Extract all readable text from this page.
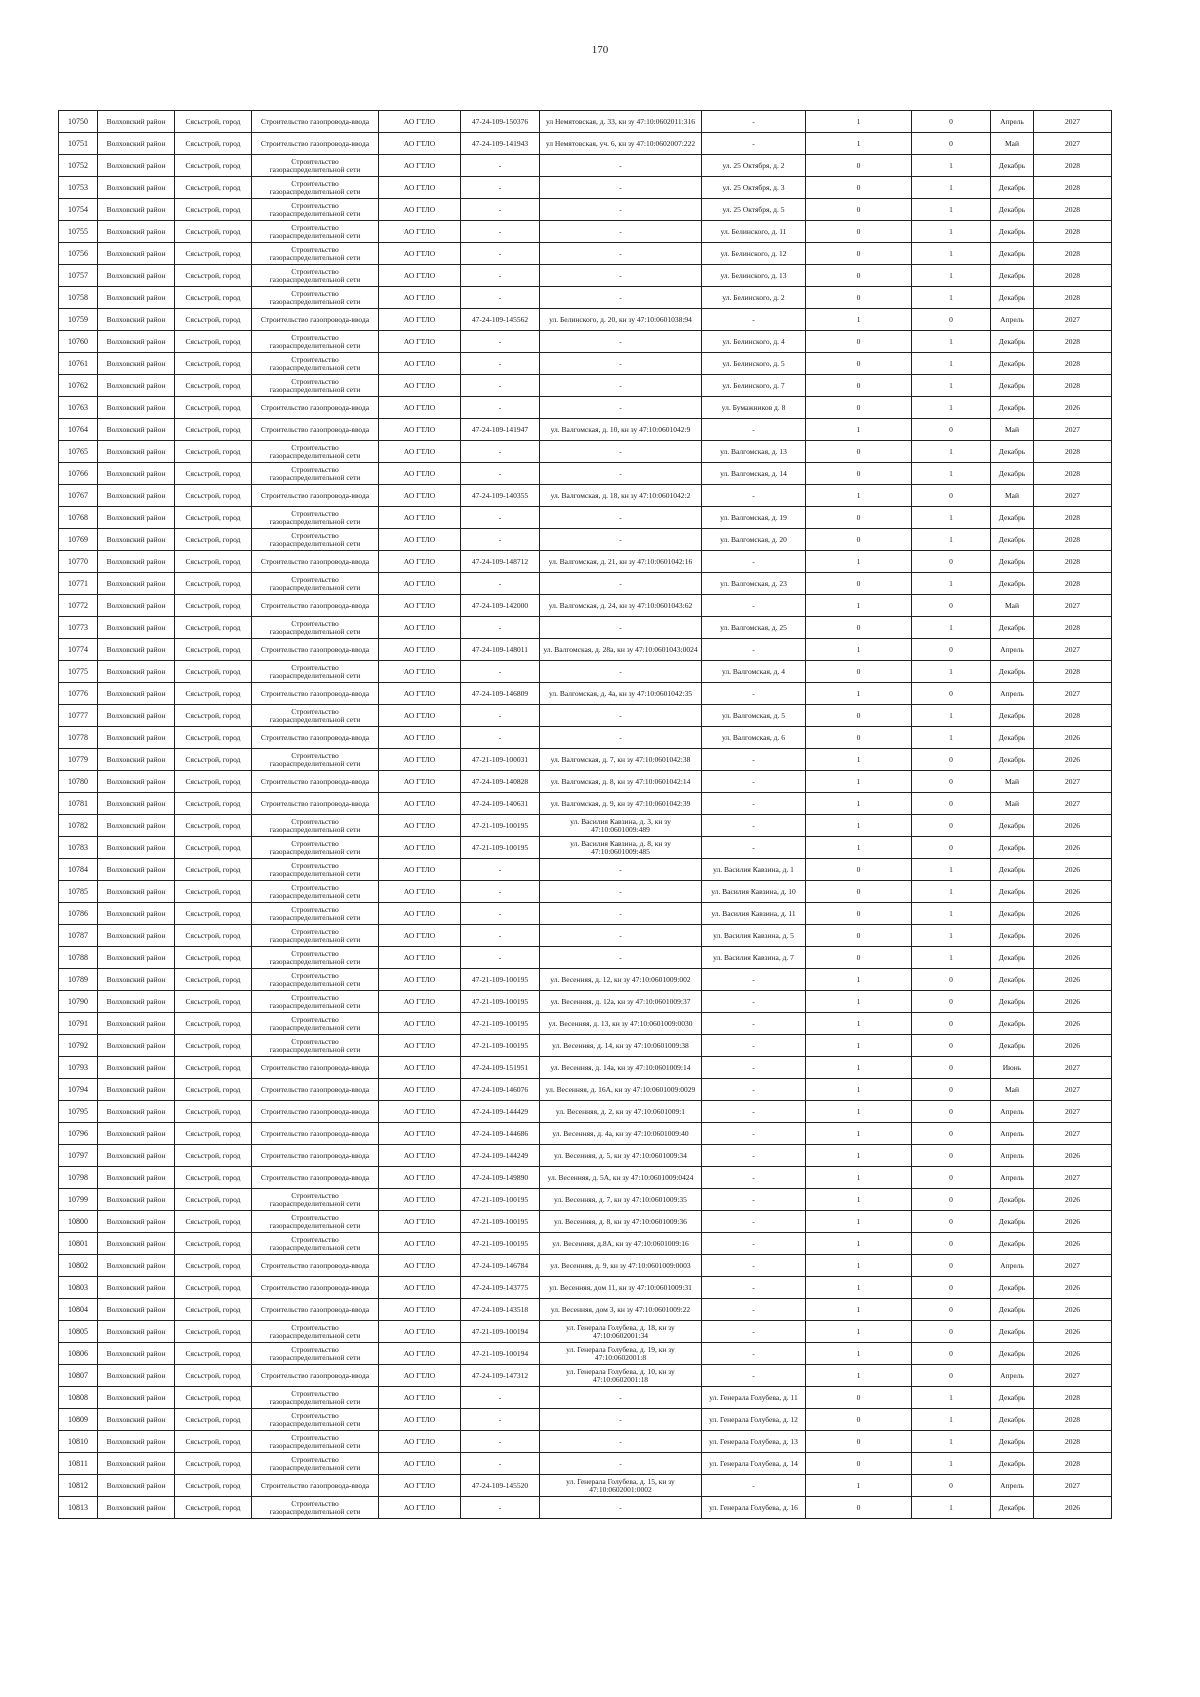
170
10750	Волховский район	Сясьстрой, город	Строительство газопровода-ввода	АО ГТЛО	47-24-109-150376	ул Немятовская, д. 33, кн зу 47:10:0602011:316	-	1	0	Апрель	2027
10751	Волховский район	Сясьстрой, город	Строительство газопровода-ввода	АО ГТЛО	47-24-109-141943	ул Немятовская, уч. 6, кн зу 47:10:0602007:222	-	1	0	Май	2027
10752	Волховский район	Сясьстрой, город	Строительство газораспределительной сети	АО ГТЛО	-	-	ул. 25 Октября, д. 2	0	1	Декабрь	2028
10753	Волховский район	Сясьстрой, город	Строительство газораспределительной сети	АО ГТЛО	-	-	ул. 25 Октября, д. 3	0	1	Декабрь	2028
10754	Волховский район	Сясьстрой, город	Строительство газораспределительной сети	АО ГТЛО	-	-	ул. 25 Октября, д. 5	0	1	Декабрь	2028
10755	Волховский район	Сясьстрой, город	Строительство газораспределительной сети	АО ГТЛО	-	-	ул. Белинского, д. 11	0	1	Декабрь	2028
10756	Волховский район	Сясьстрой, город	Строительство газораспределительной сети	АО ГТЛО	-	-	ул. Белинского, д. 12	0	1	Декабрь	2028
10757	Волховский район	Сясьстрой, город	Строительство газораспределительной сети	АО ГТЛО	-	-	ул. Белинского, д. 13	0	1	Декабрь	2028
10758	Волховский район	Сясьстрой, город	Строительство газораспределительной сети	АО ГТЛО	-	-	ул. Белинского, д. 2	0	1	Декабрь	2028
10759	Волховский район	Сясьстрой, город	Строительство газопровода-ввода	АО ГТЛО	47-24-109-145562	ул. Белинского, д. 20, кн зу 47:10:0601038:94	-	1	0	Апрель	2027
10760	Волховский район	Сясьстрой, город	Строительство газораспределительной сети	АО ГТЛО	-	-	ул. Белинского, д. 4	0	1	Декабрь	2028
10761	Волховский район	Сясьстрой, город	Строительство газораспределительной сети	АО ГТЛО	-	-	ул. Белинского, д. 5	0	1	Декабрь	2028
10762	Волховский район	Сясьстрой, город	Строительство газораспределительной сети	АО ГТЛО	-	-	ул. Белинского, д. 7	0	1	Декабрь	2028
10763	Волховский район	Сясьстрой, город	Строительство газопровода-ввода	АО ГТЛО	-	-	ул. Бумажников д. 8	0	1	Декабрь	2026
10764	Волховский район	Сясьстрой, город	Строительство газопровода-ввода	АО ГТЛО	47-24-109-141947	ул. Валгомская, д. 10, кн зу 47:10:0601042:9	-	1	0	Май	2027
10765	Волховский район	Сясьстрой, город	Строительство газораспределительной сети	АО ГТЛО	-	-	ул. Валгомская, д. 13	0	1	Декабрь	2028
10766	Волховский район	Сясьстрой, город	Строительство газораспределительной сети	АО ГТЛО	-	-	ул. Валгомская, д. 14	0	1	Декабрь	2028
10767	Волховский район	Сясьстрой, город	Строительство газопровода-ввода	АО ГТЛО	47-24-109-140355	ул. Валгомская, д. 18, кн зу 47:10:0601042:2	-	1	0	Май	2027
10768	Волховский район	Сясьстрой, город	Строительство газораспределительной сети	АО ГТЛО	-	-	ул. Валгомская, д. 19	0	1	Декабрь	2028
10769	Волховский район	Сясьстрой, город	Строительство газораспределительной сети	АО ГТЛО	-	-	ул. Валгомская, д. 20	0	1	Декабрь	2028
10770	Волховский район	Сясьстрой, город	Строительство газопровода-ввода	АО ГТЛО	47-24-109-148712	ул. Валгомская, д. 21, кн зу 47:10:0601042:16	-	1	0	Декабрь	2028
10771	Волховский район	Сясьстрой, город	Строительство газораспределительной сети	АО ГТЛО	-	-	ул. Валгомская, д. 23	0	1	Декабрь	2028
10772	Волховский район	Сясьстрой, город	Строительство газопровода-ввода	АО ГТЛО	47-24-109-142000	ул. Валгомская, д. 24, кн зу 47:10:0601043:62	-	1	0	Май	2027
10773	Волховский район	Сясьстрой, город	Строительство газораспределительной сети	АО ГТЛО	-	-	ул. Валгомская, д. 25	0	1	Декабрь	2028
10774	Волховский район	Сясьстрой, город	Строительство газопровода-ввода	АО ГТЛО	47-24-109-148011	ул. Валгомская, д. 28а, кн зу 47:10:0601043:0024	-	1	0	Апрель	2027
10775	Волховский район	Сясьстрой, город	Строительство газораспределительной сети	АО ГТЛО	-	-	ул. Валгомская, д. 4	0	1	Декабрь	2028
10776	Волховский район	Сясьстрой, город	Строительство газопровода-ввода	АО ГТЛО	47-24-109-146809	ул. Валгомская, д. 4а, кн зу 47:10:0601042:35	-	1	0	Апрель	2027
10777	Волховский район	Сясьстрой, город	Строительство газораспределительной сети	АО ГТЛО	-	-	ул. Валгомская, д. 5	0	1	Декабрь	2028
10778	Волховский район	Сясьстрой, город	Строительство газопровода-ввода	АО ГТЛО	-	-	ул. Валгомская, д. 6	0	1	Декабрь	2026
10779	Волховский район	Сясьстрой, город	Строительство газораспределительной сети	АО ГТЛО	47-21-109-100031	ул. Валгомская, д. 7, кн зу 47:10:0601042:38	-	1	0	Декабрь	2026
10780	Волховский район	Сясьстрой, город	Строительство газопровода-ввода	АО ГТЛО	47-24-109-140828	ул. Валгомская, д. 8, кн зу 47:10:0601042:14	-	1	0	Май	2027
10781	Волховский район	Сясьстрой, город	Строительство газопровода-ввода	АО ГТЛО	47-24-109-140631	ул. Валгомская, д. 9, кн зу 47:10:0601042:39	-	1	0	Май	2027
10782	Волховский район	Сясьстрой, город	Строительство газораспределительной сети	АО ГТЛО	47-21-109-100195	ул. Василия Кавзина, д. 3, кн зу 47:10:0601009:489	-	1	0	Декабрь	2026
10783	Волховский район	Сясьстрой, город	Строительство газораспределительной сети	АО ГТЛО	47-21-109-100195	ул. Василия Кавзина, д. 8, кн зу 47:10:0601009:485	-	1	0	Декабрь	2026
10784	Волховский район	Сясьстрой, город	Строительство газораспределительной сети	АО ГТЛО	-	-	ул. Василия Кавзина, д. 1	0	1	Декабрь	2026
10785	Волховский район	Сясьстрой, город	Строительство газораспределительной сети	АО ГТЛО	-	-	ул. Василия Кавзина, д. 10	0	1	Декабрь	2026
10786	Волховский район	Сясьстрой, город	Строительство газораспределительной сети	АО ГТЛО	-	-	ул. Василия Кавзина, д. 11	0	1	Декабрь	2026
10787	Волховский район	Сясьстрой, город	Строительство газораспределительной сети	АО ГТЛО	-	-	ул. Василия Кавзина, д. 5	0	1	Декабрь	2026
10788	Волховский район	Сясьстрой, город	Строительство газораспределительной сети	АО ГТЛО	-	-	ул. Василия Кавзина, д. 7	0	1	Декабрь	2026
10789	Волховский район	Сясьстрой, город	Строительство газораспределительной сети	АО ГТЛО	47-21-109-100195	ул. Весенняя, д. 12, кн зу 47:10:0601009:002	-	1	0	Декабрь	2026
10790	Волховский район	Сясьстрой, город	Строительство газораспределительной сети	АО ГТЛО	47-21-109-100195	ул. Весенняя, д. 12а, кн зу 47:10:0601009:37	-	1	0	Декабрь	2026
10791	Волховский район	Сясьстрой, город	Строительство газораспределительной сети	АО ГТЛО	47-21-109-100195	ул. Весенняя, д. 13, кн зу 47:10:0601009:0030	-	1	0	Декабрь	2026
10792	Волховский район	Сясьстрой, город	Строительство газораспределительной сети	АО ГТЛО	47-21-109-100195	ул. Весенняя, д. 14, кн зу 47:10:0601009:38	-	1	0	Декабрь	2026
10793	Волховский район	Сясьстрой, город	Строительство газопровода-ввода	АО ГТЛО	47-24-109-151951	ул. Весенняя, д. 14а, кн зу 47:10:0601009:14	-	1	0	Июнь	2027
10794	Волховский район	Сясьстрой, город	Строительство газопровода-ввода	АО ГТЛО	47-24-109-146076	ул. Весенняя, д. 16А, кн зу 47:10:0601009:0029	-	1	0	Май	2027
10795	Волховский район	Сясьстрой, город	Строительство газопровода-ввода	АО ГТЛО	47-24-109-144429	ул. Весенняя, д. 2, кн зу 47:10:0601009:1	-	1	0	Апрель	2027
10796	Волховский район	Сясьстрой, город	Строительство газопровода-ввода	АО ГТЛО	47-24-109-144686	ул. Весенняя, д. 4а, кн зу 47:10:0601009:40	-	1	0	Апрель	2027
10797	Волховский район	Сясьстрой, город	Строительство газопровода-ввода	АО ГТЛО	47-24-109-144249	ул. Весенняя, д. 5, кн зу 47:10:0601009:34	-	1	0	Апрель	2026
10798	Волховский район	Сясьстрой, город	Строительство газопровода-ввода	АО ГТЛО	47-24-109-149890	ул. Весенняя, д. 5А, кн зу 47:10:0601009:0424	-	1	0	Апрель	2027
10799	Волховский район	Сясьстрой, город	Строительство газораспределительной сети	АО ГТЛО	47-21-109-100195	ул. Весенняя, д. 7, кн зу 47:10:0601009:35	-	1	0	Декабрь	2026
10800	Волховский район	Сясьстрой, город	Строительство газораспределительной сети	АО ГТЛО	47-21-109-100195	ул. Весенняя, д. 8, кн зу 47:10:0601009:36	-	1	0	Декабрь	2026
10801	Волховский район	Сясьстрой, город	Строительство газораспределительной сети	АО ГТЛО	47-21-109-100195	ул. Весенняя, д.8А, кн зу 47:10:0601009:16	-	1	0	Декабрь	2026
10802	Волховский район	Сясьстрой, город	Строительство газопровода-ввода	АО ГТЛО	47-24-109-146784	ул. Весенняя, д. 9, кн зу 47:10:0601009:0003	-	1	0	Апрель	2027
10803	Волховский район	Сясьстрой, город	Строительство газопровода-ввода	АО ГТЛО	47-24-109-143775	ул. Весенняя, дом 11, кн зу 47:10:0601009:31	-	1	0	Декабрь	2026
10804	Волховский район	Сясьстрой, город	Строительство газопровода-ввода	АО ГТЛО	47-24-109-143518	ул. Весенняя, дом 3, кн зу 47:10:0601009:22	-	1	0	Декабрь	2026
10805	Волховский район	Сясьстрой, город	Строительство газораспределительной сети	АО ГТЛО	47-21-109-100194	ул. Генерала Голубева, д. 18, кн зу 47:10:0602001:34	-	1	0	Декабрь	2026
10806	Волховский район	Сясьстрой, город	Строительство газораспределительной сети	АО ГТЛО	47-21-109-100194	ул. Генерала Голубева, д. 19, кн зу 47:10:0602001:8	-	1	0	Декабрь	2026
10807	Волховский район	Сясьстрой, город	Строительство газопровода-ввода	АО ГТЛО	47-24-109-147312	ул. Генерала Голубева, д. 10, кн зу 47:10:0602001:18	-	1	0	Апрель	2027
10808	Волховский район	Сясьстрой, город	Строительство газораспределительной сети	АО ГТЛО	-	-	ул. Генерала Голубева, д. 11	0	1	Декабрь	2028
10809	Волховский район	Сясьстрой, город	Строительство газораспределительной сети	АО ГТЛО	-	-	ул. Генерала Голубева, д. 12	0	1	Декабрь	2028
10810	Волховский район	Сясьстрой, город	Строительство газораспределительной сети	АО ГТЛО	-	-	ул. Генерала Голубева, д. 13	0	1	Декабрь	2028
10811	Волховский район	Сясьстрой, город	Строительство газораспределительной сети	АО ГТЛО	-	-	ул. Генерала Голубева, д. 14	0	1	Декабрь	2028
10812	Волховский район	Сясьстрой, город	Строительство газопровода-ввода	АО ГТЛО	47-24-109-145520	ул. Генерала Голубева, д. 15, кн зу 47:10:0602001:0002	-	1	0	Апрель	2027
10813	Волховский район	Сясьстрой, город	Строительство газораспределительной сети	АО ГТЛО	-	-	ул. Генерала Голубева, д. 16	0	1	Декабрь	2026
